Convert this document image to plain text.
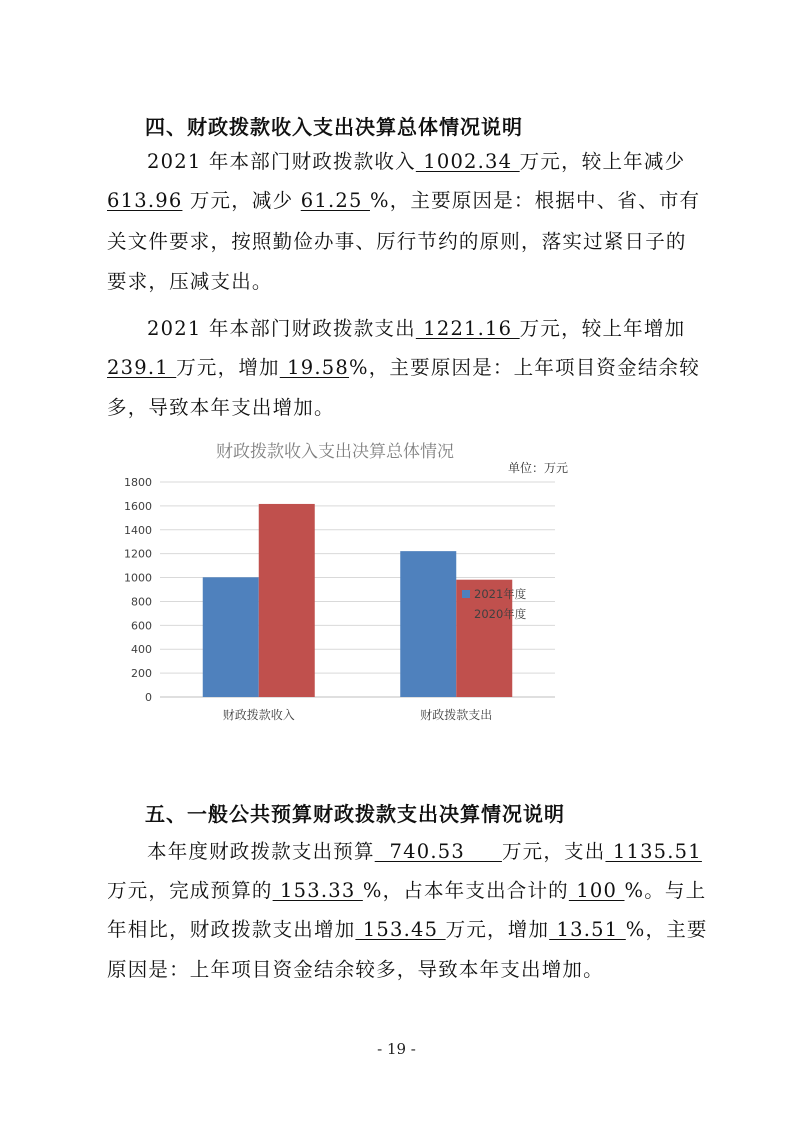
四、财政拨款收入支出决算总体情况说明
2021 年本部门财政拨款收入 1002.34 万元，较上年减少
613.96 万元，减少 61.25 %，主要原因是：根据中、省、市有
关文件要求，按照勤俭办事、厉行节约的原则，落实过紧日子的
要求，压减支出。
2021 年本部门财政拨款支出 1221.16 万元，较上年增加
239.1 万元，增加 19.58%，主要原因是：上年项目资金结余较
多，导致本年支出增加。
财政拨款收入支出决算总体情况
单位：万元
0
200
400
600
800
1000
1200
1400
1600
1800
财政拨款收入	财政拨款支出
2021年度
2020年度
五、一般公共预算财政拨款支出决算情况说明
本年度财政拨款支出预算  740.53     万元，支出 1135.51
万元，完成预算的 153.33 %，占本年支出合计的 100 %。与上
年相比，财政拨款支出增加 153.45 万元，增加 13.51 %，主要
原因是：上年项目资金结余较多，导致本年支出增加。
- 19 -
